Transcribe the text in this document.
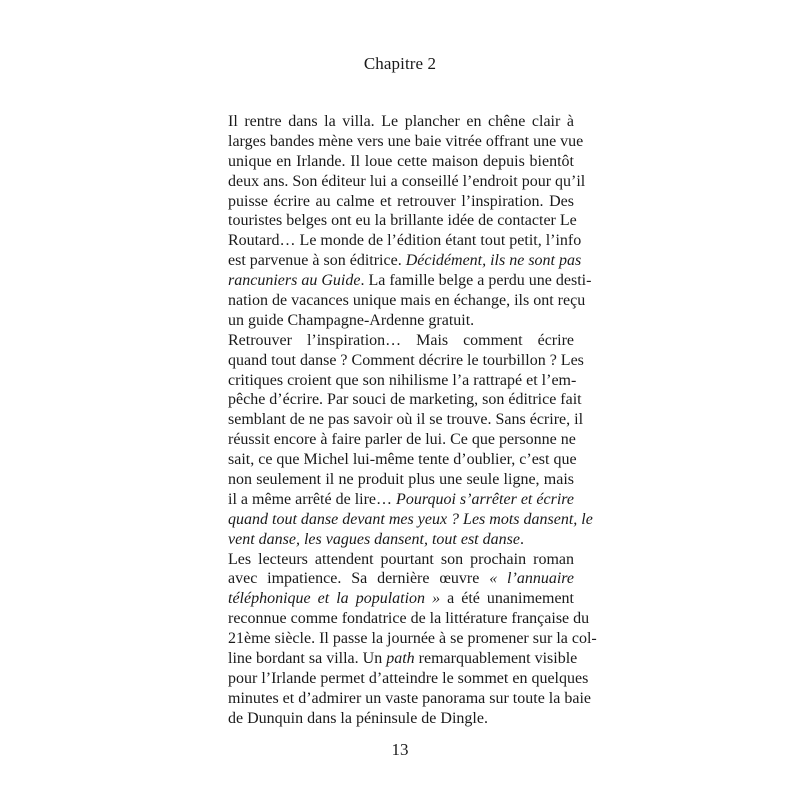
Chapitre 2
Il rentre dans la villa. Le plancher en chêne clair à
larges bandes mène vers une baie vitrée offrant une vue
unique en Irlande. Il loue cette maison depuis bientôt
deux ans. Son éditeur lui a conseillé l’endroit pour qu’il
puisse écrire au calme et retrouver l’inspiration. Des
touristes belges ont eu la brillante idée de contacter Le
Routard… Le monde de l’édition étant tout petit, l’info
est parvenue à son éditrice. Décidément, ils ne sont pas
rancuniers au Guide. La famille belge a perdu une desti-
nation de vacances unique mais en échange, ils ont reçu
un guide Champagne-Ardenne gratuit.
Retrouver l’inspiration… Mais comment écrire
quand tout danse ? Comment décrire le tourbillon ? Les
critiques croient que son nihilisme l’a rattrapé et l’em-
pêche d’écrire. Par souci de marketing, son éditrice fait
semblant de ne pas savoir où il se trouve. Sans écrire, il
réussit encore à faire parler de lui. Ce que personne ne
sait, ce que Michel lui-même tente d’oublier, c’est que
non seulement il ne produit plus une seule ligne, mais
il a même arrêté de lire… Pourquoi s’arrêter et écrire
quand tout danse devant mes yeux ? Les mots dansent, le
vent danse, les vagues dansent, tout est danse.
Les lecteurs attendent pourtant son prochain roman
avec impatience. Sa dernière œuvre « l’annuaire
téléphonique et la population » a été unanimement
reconnue comme fondatrice de la littérature française du
21ème siècle. Il passe la journée à se promener sur la col-
line bordant sa villa. Un path remarquablement visible
pour l’Irlande permet d’atteindre le sommet en quelques
minutes et d’admirer un vaste panorama sur toute la baie
de Dunquin dans la péninsule de Dingle.
13
